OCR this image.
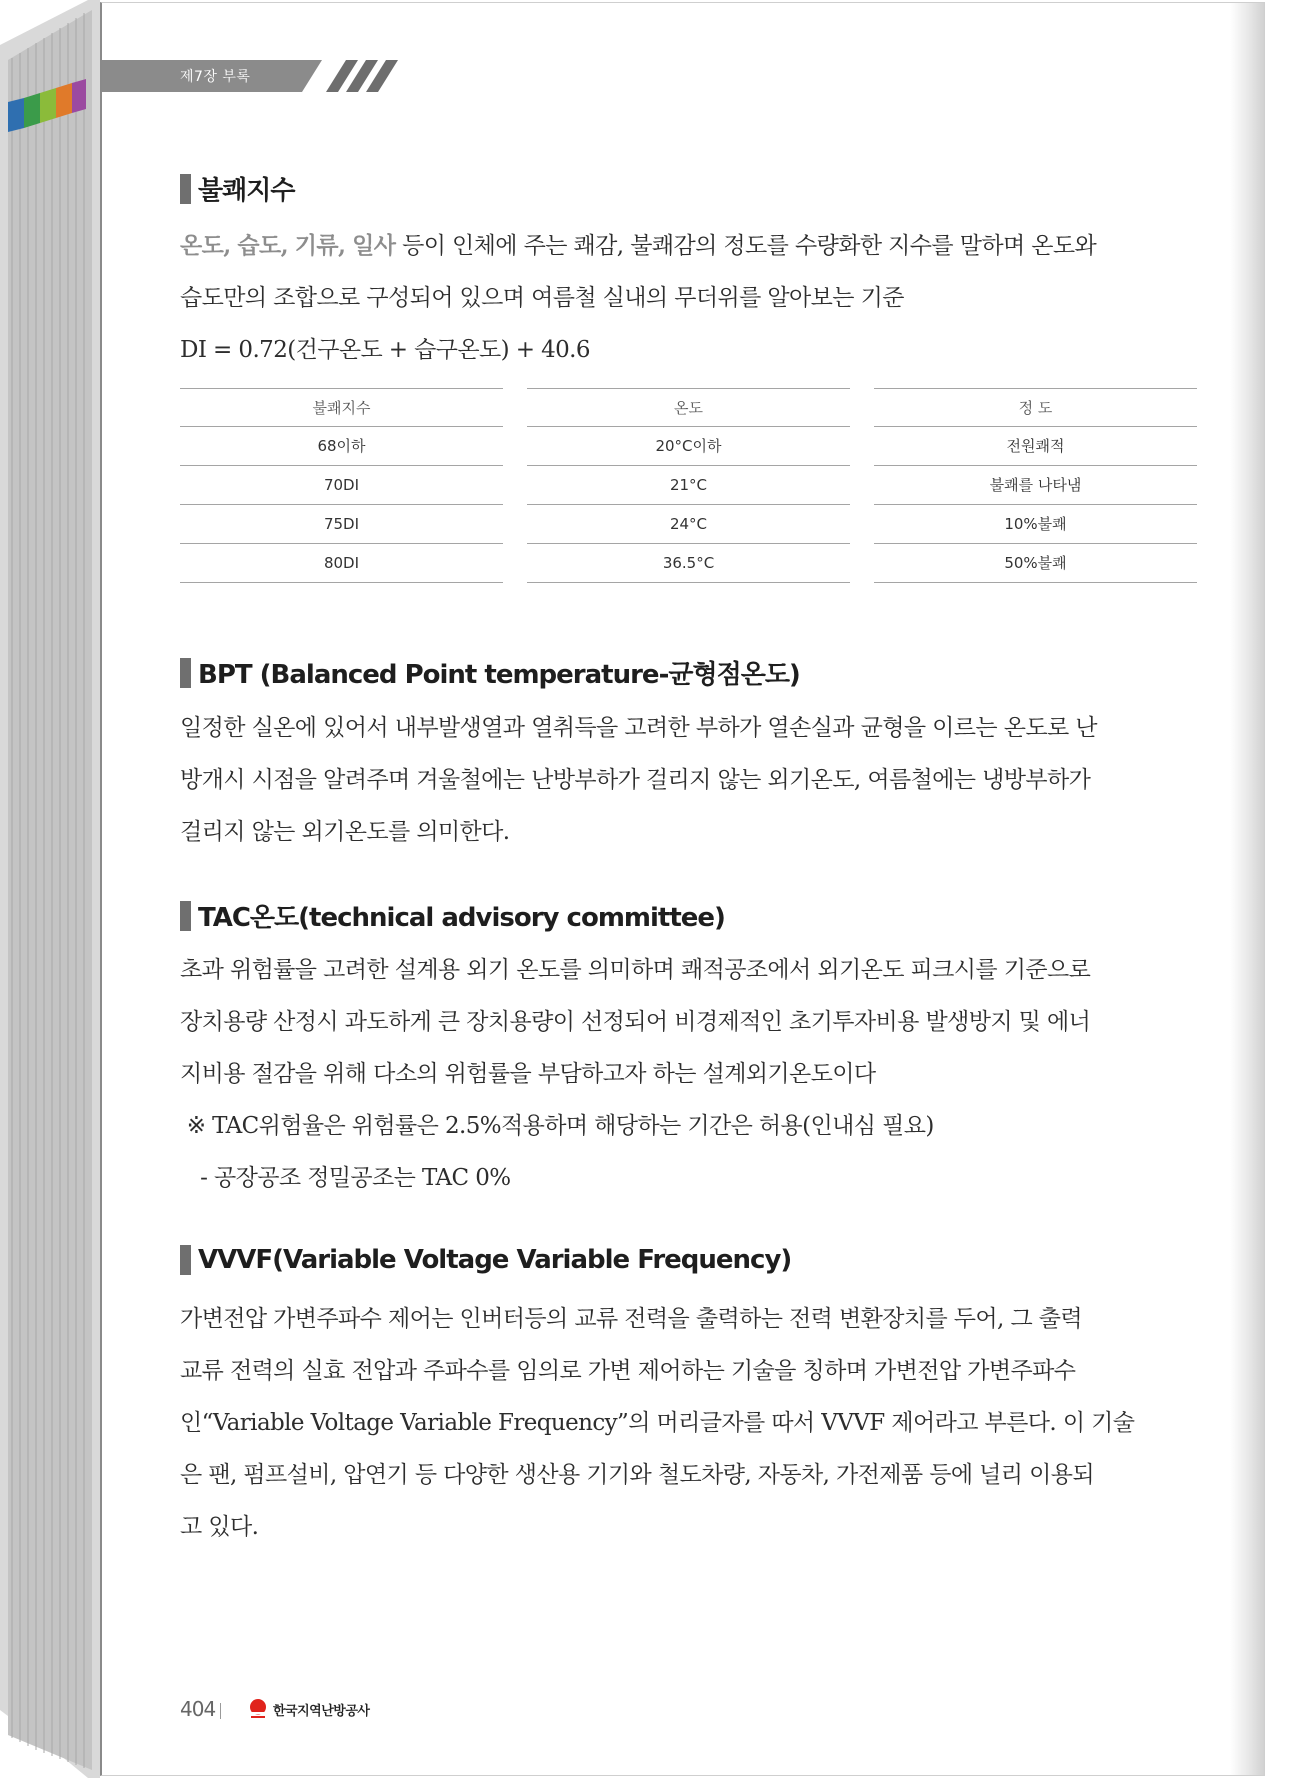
제7장 부록
불쾌지수
온도, 습도, 기류, 일사 등이 인체에 주는 쾌감, 불쾌감의 정도를 수량화한 지수를 말하며 온도와
습도만의 조합으로 구성되어 있으며 여름철 실내의 무더위를 알아보는 기준
DI = 0.72(건구온도 + 습구온도) + 40.6
불쾌지수
68이하
70DI
75DI
80DI
온도
20°C이하
21°C
24°C
36.5°C
정 도
전원쾌적
불쾌를 나타냄
10%불쾌
50%불쾌
BPT (Balanced Point temperature-균형점온도)
일정한 실온에 있어서 내부발생열과 열취득을 고려한 부하가 열손실과 균형을 이르는 온도로 난
방개시 시점을 알려주며 겨울철에는 난방부하가 걸리지 않는 외기온도, 여름철에는 냉방부하가
걸리지 않는 외기온도를 의미한다.
TAC온도(technical advisory committee)
초과 위험률을 고려한 설계용 외기 온도를 의미하며 쾌적공조에서 외기온도 피크시를 기준으로
장치용량 산정시 과도하게 큰 장치용량이 선정되어 비경제적인 초기투자비용 발생방지 및 에너
지비용 절감을 위해 다소의 위험률을 부담하고자 하는 설계외기온도이다
※ TAC위험율은 위험률은 2.5%적용하며 해당하는 기간은 허용(인내심 필요)
- 공장공조 정밀공조는 TAC 0%
VVVF(Variable Voltage Variable Frequency)
가변전압 가변주파수 제어는 인버터등의 교류 전력을 출력하는 전력 변환장치를 두어, 그 출력
교류 전력의 실효 전압과 주파수를 임의로 가변 제어하는 기술을 칭하며 가변전압 가변주파수
인“Variable Voltage Variable Frequency”의 머리글자를 따서 VVVF 제어라고 부른다. 이 기술
은 팬, 펌프설비, 압연기 등 다양한 생산용 기기와 철도차량, 자동차, 가전제품 등에 널리 이용되
고 있다.
404	한국지역난방공사
